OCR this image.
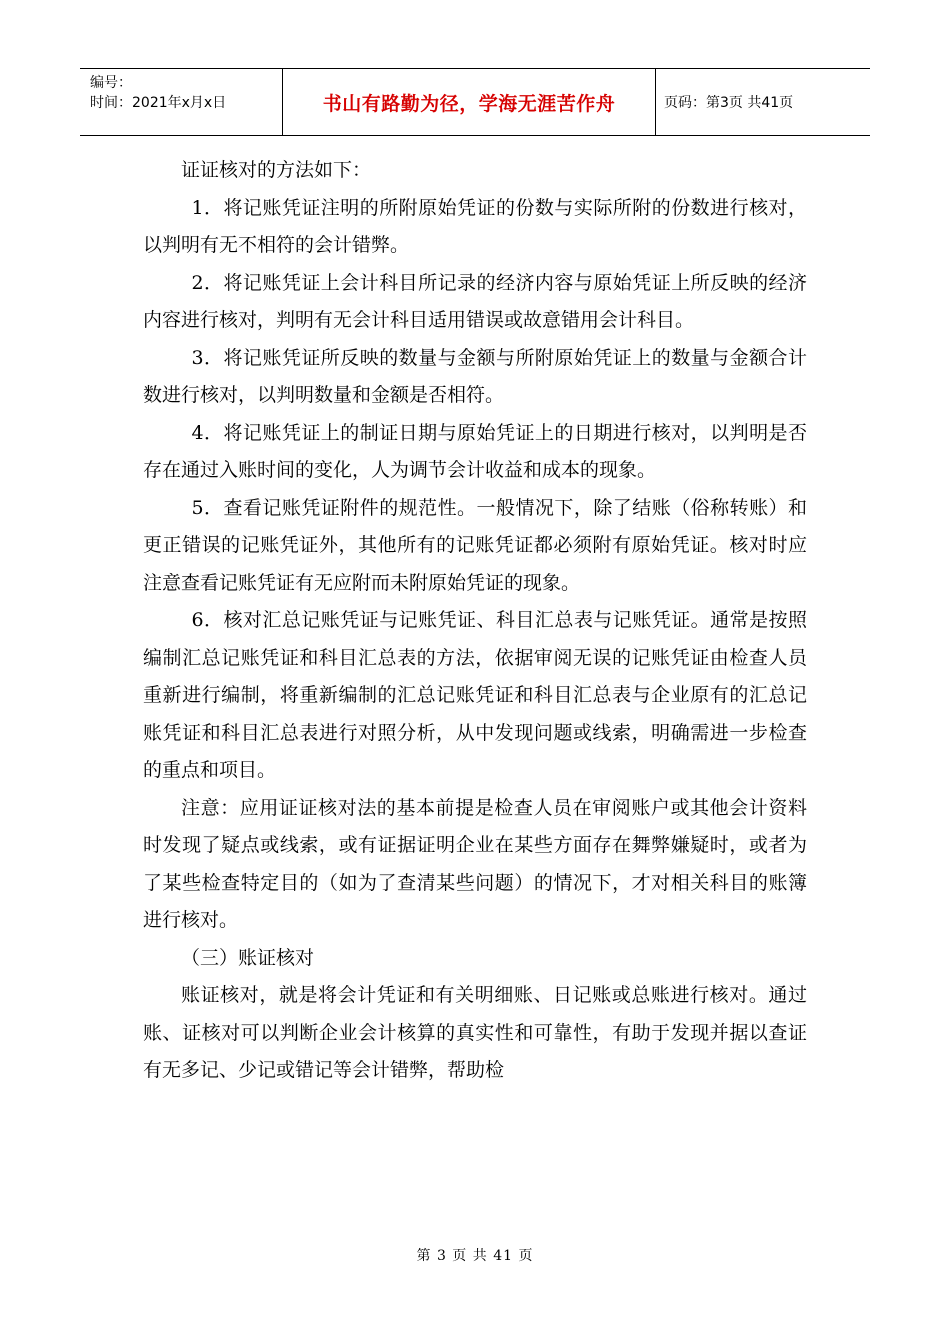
编号：
时间：2021年x月x日	书山有路勤为径，学海无涯苦作舟	页码：第3页 共41页

证证核对的方法如下：

1．将记账凭证注明的所附原始凭证的份数与实际所附的份数进行核对，以判明有无不相符的会计错弊。

2．将记账凭证上会计科目所记录的经济内容与原始凭证上所反映的经济内容进行核对，判明有无会计科目适用错误或故意错用会计科目。

3．将记账凭证所反映的数量与金额与所附原始凭证上的数量与金额合计数进行核对，以判明数量和金额是否相符。

4．将记账凭证上的制证日期与原始凭证上的日期进行核对，以判明是否存在通过入账时间的变化，人为调节会计收益和成本的现象。

5．查看记账凭证附件的规范性。一般情况下，除了结账（俗称转账）和更正错误的记账凭证外，其他所有的记账凭证都必须附有原始凭证。核对时应注意查看记账凭证有无应附而未附原始凭证的现象。

6．核对汇总记账凭证与记账凭证、科目汇总表与记账凭证。通常是按照编制汇总记账凭证和科目汇总表的方法，依据审阅无误的记账凭证由检查人员重新进行编制，将重新编制的汇总记账凭证和科目汇总表与企业原有的汇总记账凭证和科目汇总表进行对照分析，从中发现问题或线索，明确需进一步检查的重点和项目。

注意：应用证证核对法的基本前提是检查人员在审阅账户或其他会计资料时发现了疑点或线索，或有证据证明企业在某些方面存在舞弊嫌疑时，或者为了某些检查特定目的（如为了查清某些问题）的情况下，才对相关科目的账簿进行核对。

（三）账证核对

账证核对，就是将会计凭证和有关明细账、日记账或总账进行核对。通过账、证核对可以判断企业会计核算的真实性和可靠性，有助于发现并据以查证有无多记、少记或错记等会计错弊，帮助检

第 3 页 共 41 页
